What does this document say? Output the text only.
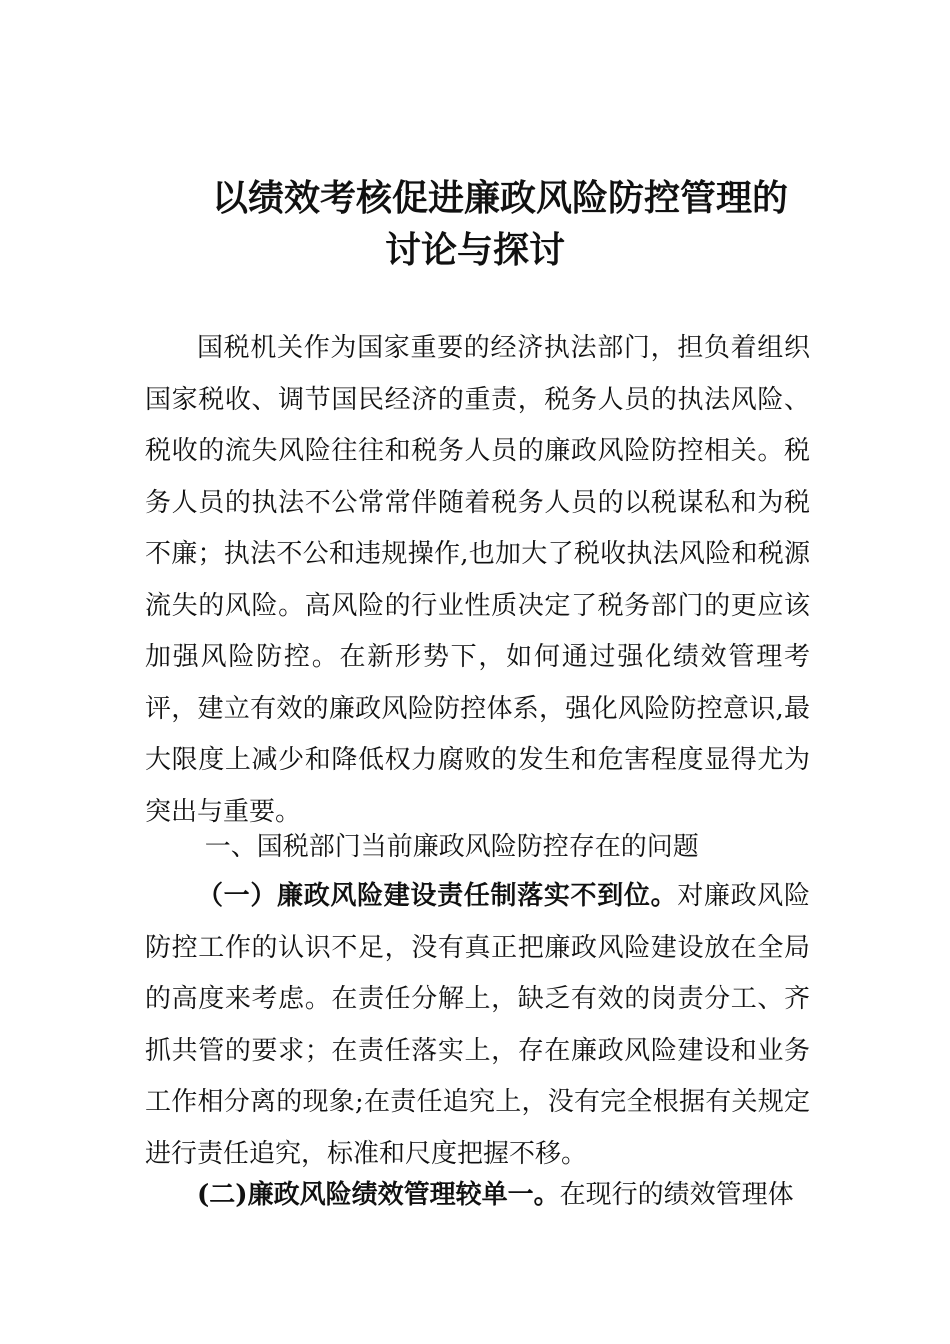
以绩效考核促进廉政风险防控管理的
讨论与探讨

国税机关作为国家重要的经济执法部门，担负着组织国家税收、调节国民经济的重责，税务人员的执法风险、税收的流失风险往往和税务人员的廉政风险防控相关。税务人员的执法不公常常伴随着税务人员的以税谋私和为税不廉；执法不公和违规操作,也加大了税收执法风险和税源流失的风险。高风险的行业性质决定了税务部门的更应该加强风险防控。在新形势下，如何通过强化绩效管理考评，建立有效的廉政风险防控体系，强化风险防控意识,最大限度上减少和降低权力腐败的发生和危害程度显得尤为突出与重要。

一、国税部门当前廉政风险防控存在的问题

（一）廉政风险建设责任制落实不到位。对廉政风险防控工作的认识不足，没有真正把廉政风险建设放在全局的高度来考虑。在责任分解上，缺乏有效的岗责分工、齐抓共管的要求；在责任落实上，存在廉政风险建设和业务工作相分离的现象;在责任追究上，没有完全根据有关规定进行责任追究，标准和尺度把握不移。

(二)廉政风险绩效管理较单一。在现行的绩效管理体
